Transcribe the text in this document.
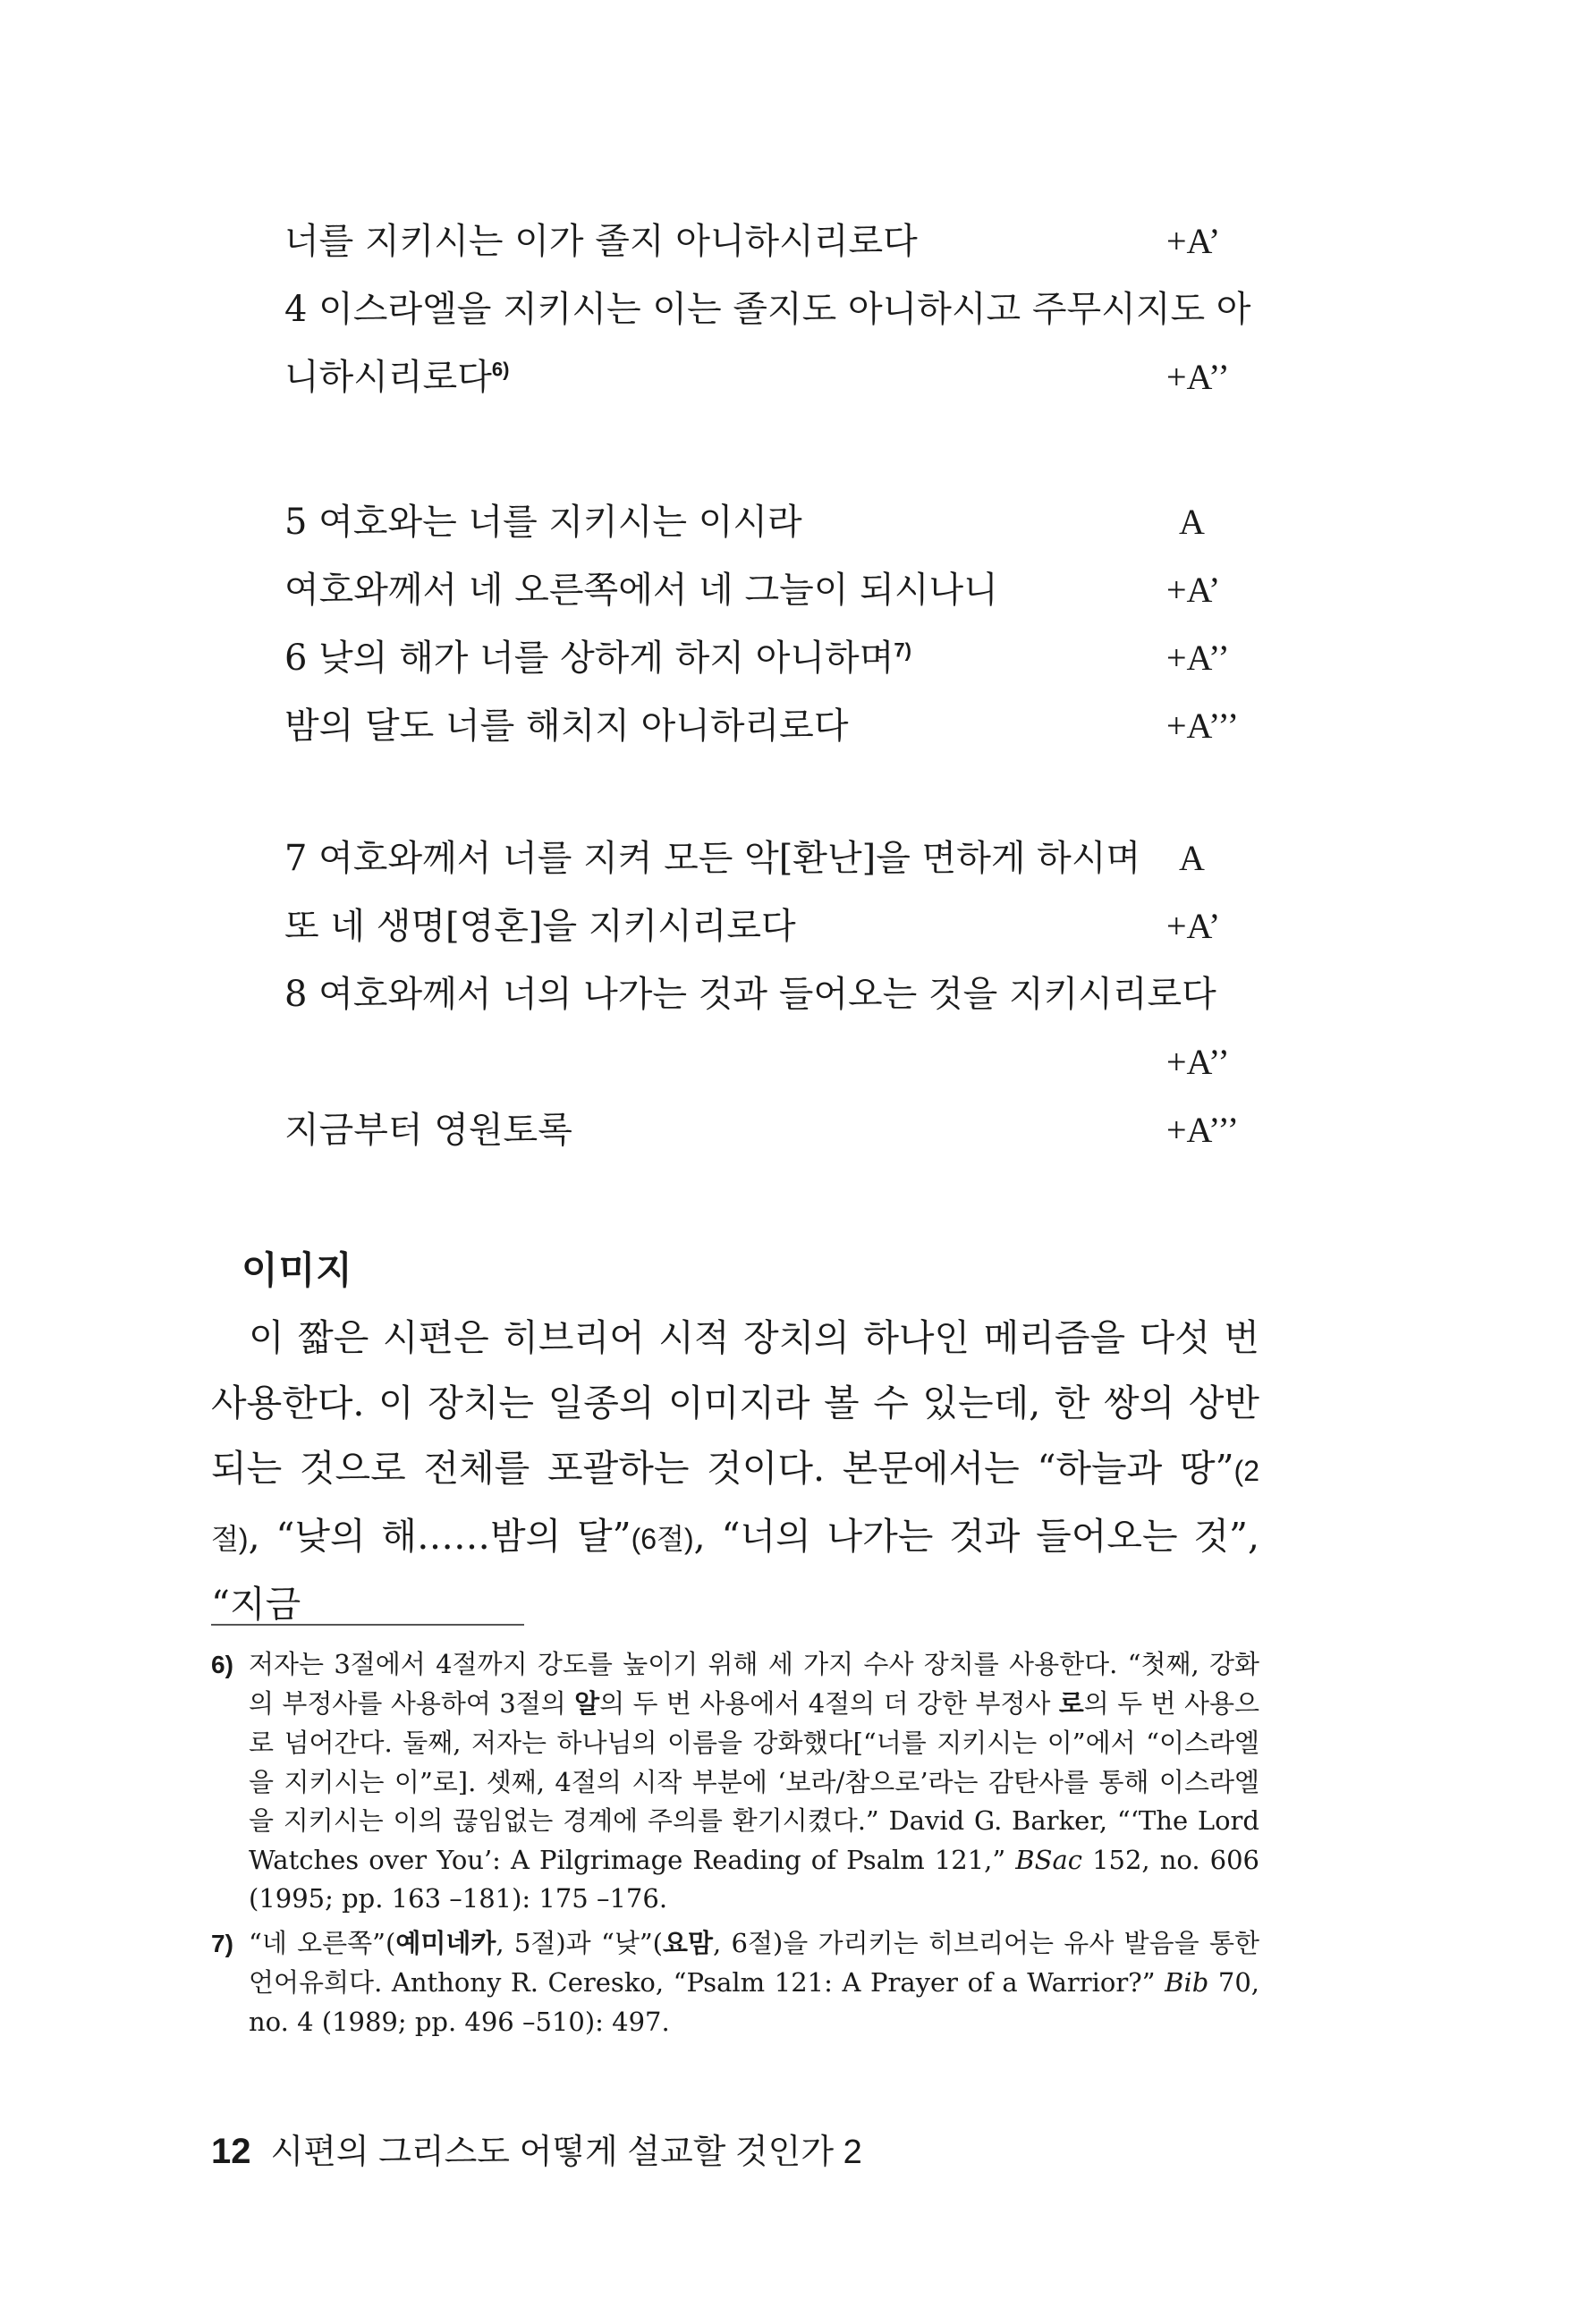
너를 지키시는 이가 졸지 아니하시리로다	+A’
4 이스라엘을 지키시는 이는 졸지도 아니하시고 주무시지도 아
니하시리로다$^{6)}$	+A’’
5 여호와는 너를 지키시는 이시라	A
여호와께서 네 오른쪽에서 네 그늘이 되시나니	+A’
6 낮의 해가 너를 상하게 하지 아니하며$^{7)}$	+A’’
밤의 달도 너를 해치지 아니하리로다	+A’’’
7 여호와께서 너를 지켜 모든 악[환난]을 면하게 하시며 A
또 네 생명[영혼]을 지키시리로다	+A’
8 여호와께서 너의 나가는 것과 들어오는 것을 지키시리로다
+A’’
지금부터 영원토록	+A’’’
이미지

이 짧은 시편은 히브리어 시적 장치의 하나인 메리즘을 다섯 번 사용한다. 이 장치는 일종의 이미지라 볼 수 있는데, 한 쌍의 상반되는 것으로 전체를 포괄하는 것이다. 본문에서는 “하늘과 땅”(2절), “낮의 해……밤의 달”(6절), “너의 나가는 것과 들어오는 것”, “지금

6) 저자는 3절에서 4절까지 강도를 높이기 위해 세 가지 수사 장치를 사용한다. “첫째, 강화의 부정사를 사용하여 3절의 알의 두 번 사용에서 4절의 더 강한 부정사 로의 두 번 사용으로 넘어간다. 둘째, 저자는 하나님의 이름을 강화했다[“너를 지키시는 이”에서 “이스라엘을 지키시는 이”로]. 셋째, 4절의 시작 부분에 ‘보라/참으로’라는 감탄사를 통해 이스라엘을 지키시는 이의 끊임없는 경계에 주의를 환기시켰다.” David G. Barker, “‘The Lord Watches over You’: A Pilgrimage Reading of Psalm 121,” BSac 152, no. 606 (1995; pp. 163 –181): 175 –176.
7) “네 오른쪽”(예미네카, 5절)과 “낮”(요맘, 6절)을 가리키는 히브리어는 유사 발음을 통한 언어유희다. Anthony R. Ceresko, “Psalm 121: A Prayer of a Warrior?” Bib 70, no. 4 (1989; pp. 496 –510): 497.
12 시편의 그리스도 어떻게 설교할 것인가 2
